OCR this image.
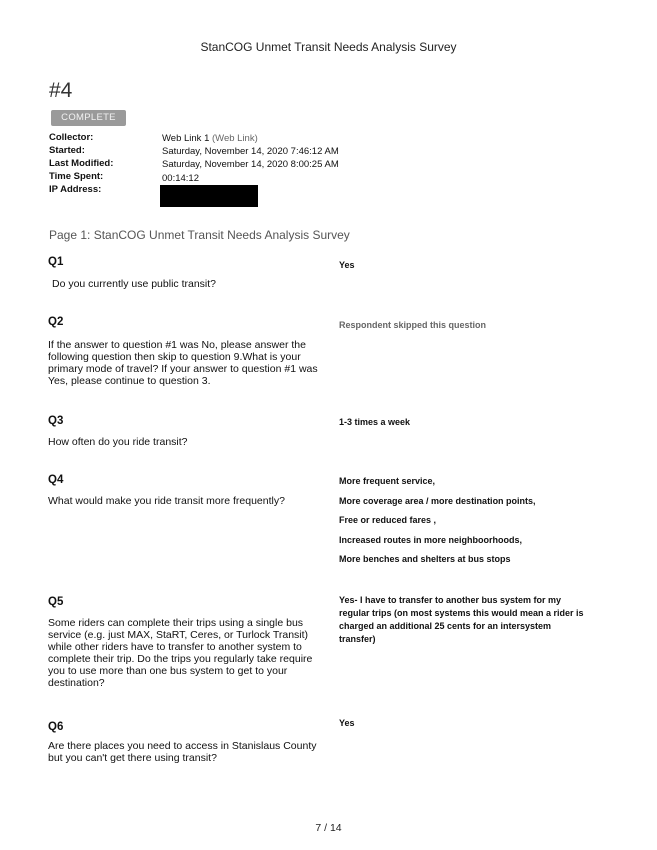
StanCOG Unmet Transit Needs Analysis Survey
#4
COMPLETE
Collector:	Web Link 1 (Web Link)
Started:	Saturday, November 14, 2020 7:46:12 AM
Last Modified:	Saturday, November 14, 2020 8:00:25 AM
Time Spent:	00:14:12
IP Address:
Page 1: StanCOG Unmet Transit Needs Analysis Survey
Q1
Do you currently use public transit?
Yes
Q2
If the answer to question #1 was No, please answer the following question then skip to question 9.What is your primary mode of travel? If your answer to question #1 was Yes, please continue to question 3.
Respondent skipped this question
Q3
How often do you ride transit?
1-3 times a week
Q4
What would make you ride transit more frequently?
More frequent service,
More coverage area / more destination points,
Free or reduced fares ,
Increased routes in more neighboorhoods,
More benches and shelters at bus stops
Q5
Some riders can complete their trips using a single bus service (e.g. just MAX, StaRT, Ceres, or Turlock Transit) while other riders have to transfer to another system to complete their trip. Do the trips you regularly take require you to use more than one bus system to get to your destination?
Yes- I have to transfer to another bus system for my regular trips (on most systems this would mean a rider is charged an additional 25 cents for an intersystem transfer)
Q6
Are there places you need to access in Stanislaus County but you can't get there using transit?
Yes
7 / 14
